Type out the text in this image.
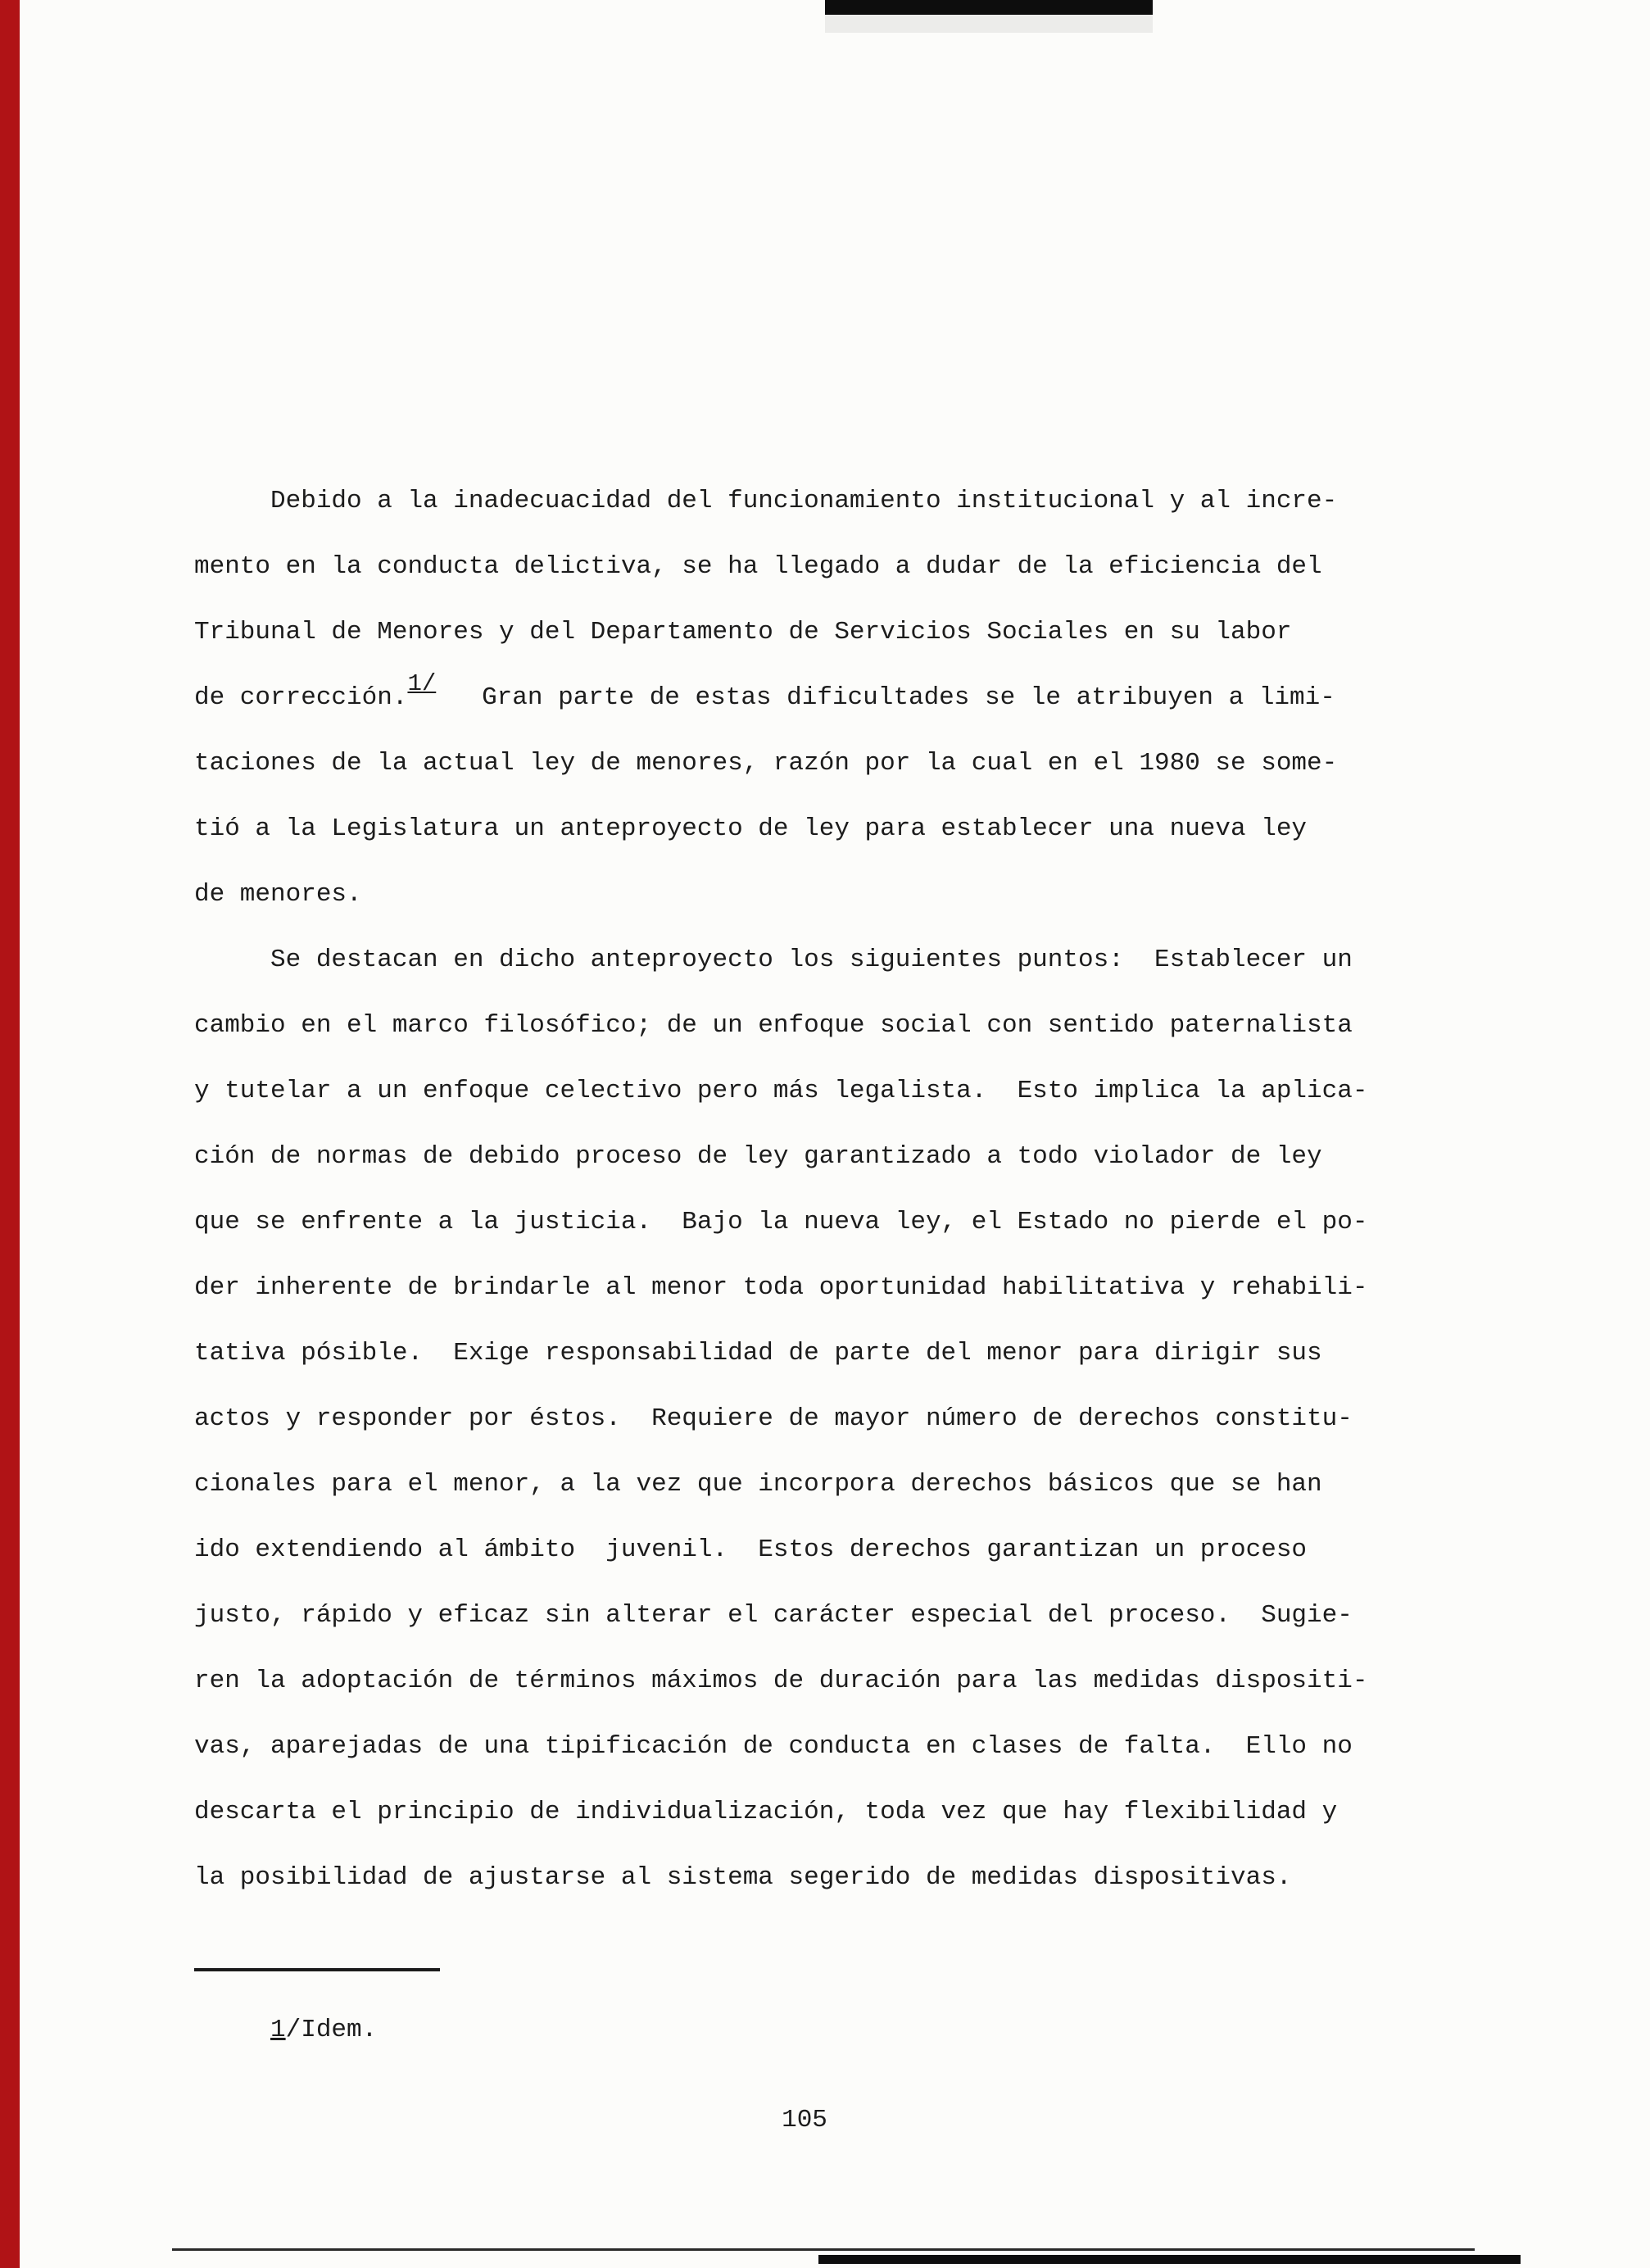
Debido a la inadecuacidad del funcionamiento institucional y al incre-
mento en la conducta delictiva, se ha llegado a dudar de la eficiencia del
Tribunal de Menores y del Departamento de Servicios Sociales en su labor
de corrección.1/   Gran parte de estas dificultades se le atribuyen a limi-
taciones de la actual ley de menores, razón por la cual en el 1980 se some-
tió a la Legislatura un anteproyecto de ley para establecer una nueva ley
de menores.
Se destacan en dicho anteproyecto los siguientes puntos:  Establecer un
cambio en el marco filosófico; de un enfoque social con sentido paternalista
y tutelar a un enfoque celectivo pero más legalista.  Esto implica la aplica-
ción de normas de debido proceso de ley garantizado a todo violador de ley
que se enfrente a la justicia.  Bajo la nueva ley, el Estado no pierde el po-
der inherente de brindarle al menor toda oportunidad habilitativa y rehabili-
tativa pósible.  Exige responsabilidad de parte del menor para dirigir sus
actos y responder por éstos.  Requiere de mayor número de derechos constitu-
cionales para el menor, a la vez que incorpora derechos básicos que se han
ido extendiendo al ámbito  juvenil.  Estos derechos garantizan un proceso
justo, rápido y eficaz sin alterar el carácter especial del proceso.  Sugie-
ren la adoptación de términos máximos de duración para las medidas dispositi-
vas, aparejadas de una tipificación de conducta en clases de falta.  Ello no
descarta el principio de individualización, toda vez que hay flexibilidad y
la posibilidad de ajustarse al sistema segerido de medidas dispositivas.
1/Idem.
105
